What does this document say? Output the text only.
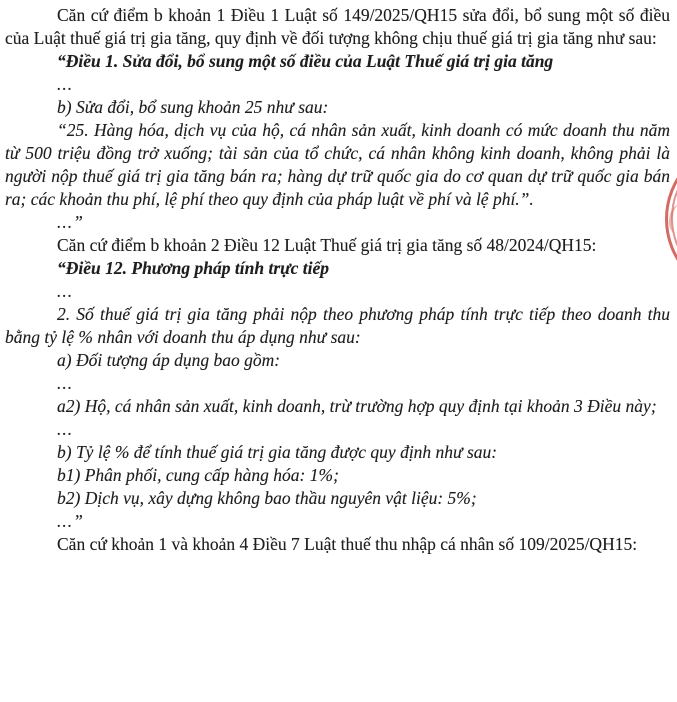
Căn cứ điểm b khoản 1 Điều 1 Luật số 149/2025/QH15 sửa đổi, bổ sung một số điều của Luật thuế giá trị gia tăng, quy định về đối tượng không chịu thuế giá trị gia tăng như sau:

“Điều 1. Sửa đổi, bổ sung một số điều của Luật Thuế giá trị gia tăng

...

b) Sửa đổi, bổ sung khoản 25 như sau:

“25. Hàng hóa, dịch vụ của hộ, cá nhân sản xuất, kinh doanh có mức doanh thu năm từ 500 triệu đồng trở xuống; tài sản của tổ chức, cá nhân không kinh doanh, không phải là người nộp thuế giá trị gia tăng bán ra; hàng dự trữ quốc gia do cơ quan dự trữ quốc gia bán ra; các khoản thu phí, lệ phí theo quy định của pháp luật về phí và lệ phí.”.

...”

Căn cứ điểm b khoản 2 Điều 12 Luật Thuế giá trị gia tăng số 48/2024/QH15:

“Điều 12. Phương pháp tính trực tiếp

...

2. Số thuế giá trị gia tăng phải nộp theo phương pháp tính trực tiếp theo doanh thu bằng tỷ lệ % nhân với doanh thu áp dụng như sau:

a) Đối tượng áp dụng bao gồm:

...

a2) Hộ, cá nhân sản xuất, kinh doanh, trừ trường hợp quy định tại khoản 3 Điều này;

...

b) Tỷ lệ % để tính thuế giá trị gia tăng được quy định như sau:

b1) Phân phối, cung cấp hàng hóa: 1%;

b2) Dịch vụ, xây dựng không bao thầu nguyên vật liệu: 5%;

...”

Căn cứ khoản 1 và khoản 4 Điều 7 Luật thuế thu nhập cá nhân số 109/2025/QH15:
